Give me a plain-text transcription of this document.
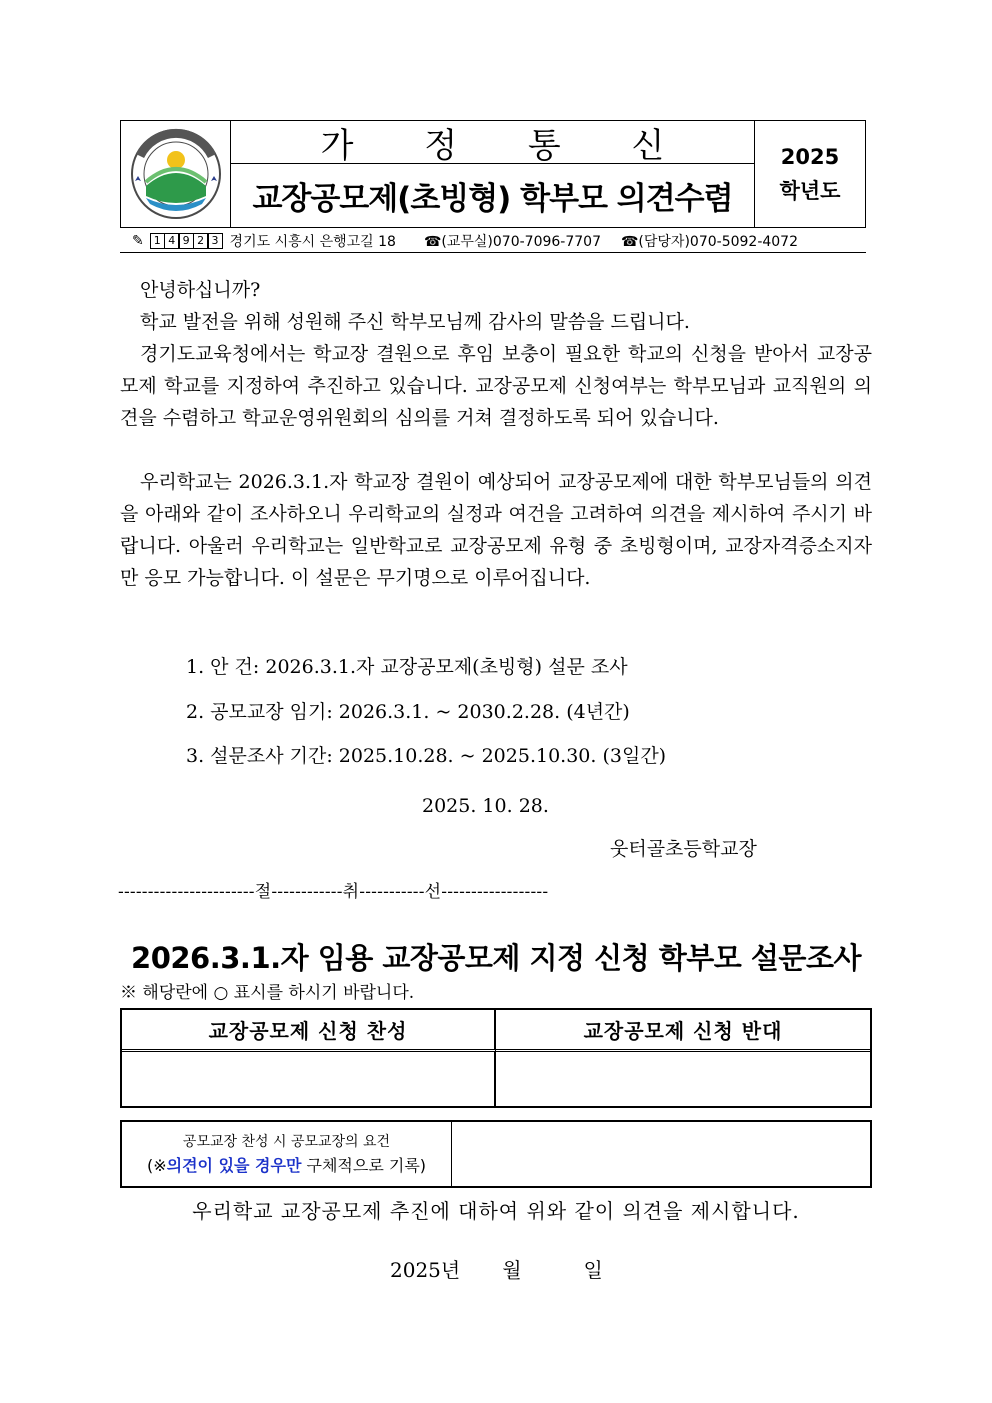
가 정 통 신
교장공모제(초빙형) 학부모 의견수렴
2025
학년도
✎ 1 4 9 2 3 경기도 시흥시 은행고길 18 ☎(교무실)070-7096-7707 ☎(담당자)070-5092-4072
안녕하십니까?
학교 발전을 위해 성원해 주신 학부모님께 감사의 말씀을 드립니다.
경기도교육청에서는 학교장 결원으로 후임 보충이 필요한 학교의 신청을 받아서 교장공모제 학교를 지정하여 추진하고 있습니다. 교장공모제 신청여부는 학부모님과 교직원의 의견을 수렴하고 학교운영위원회의 심의를 거쳐 결정하도록 되어 있습니다.
우리학교는 2026.3.1.자 학교장 결원이 예상되어 교장공모제에 대한 학부모님들의 의견을 아래와 같이 조사하오니 우리학교의 실정과 여건을 고려하여 의견을 제시하여 주시기 바랍니다. 아울러 우리학교는 일반학교로 교장공모제 유형 중 초빙형이며, 교장자격증소지자만 응모 가능합니다. 이 설문은 무기명으로 이루어집니다.
1. 안 건: 2026.3.1.자 교장공모제(초빙형) 설문 조사
2. 공모교장 임기: 2026.3.1. ~ 2030.2.28. (4년간)
3. 설문조사 기간: 2025.10.28. ~ 2025.10.30. (3일간)
2025. 10. 28.
웃터골초등학교장
-----------------------절------------취-----------선------------------
2026.3.1.자 임용 교장공모제 지정 신청 학부모 설문조사
※ 해당란에 ○ 표시를 하시기 바랍니다.
교장공모제 신청 찬성	교장공모제 신청 반대
공모교장 찬성 시 공모교장의 요건
(※의견이 있을 경우만 구체적으로 기록)
우리학교 교장공모제 추진에 대하여 위와 같이 의견을 제시합니다.
2025년 월	일
